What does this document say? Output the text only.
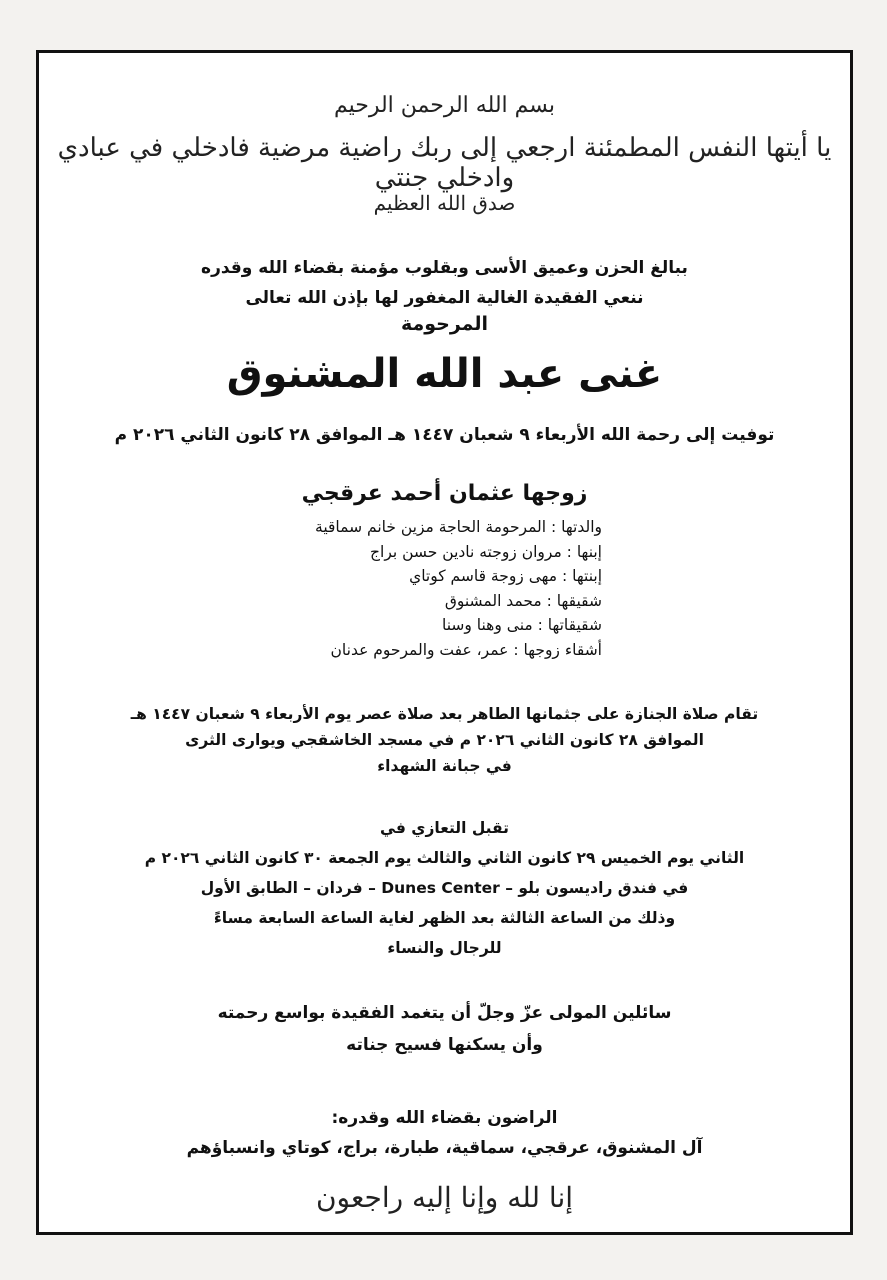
بسم الله الرحمن الرحيم
يا أيتها النفس المطمئنة ارجعي إلى ربك راضية مرضية فادخلي في عبادي وادخلي جنتي
صدق الله العظيم
ببالغ الحزن وعميق الأسى وبقلوب مؤمنة بقضاء الله وقدره
ننعي الفقيدة الغالية المغفور لها بإذن الله تعالى
المرحومة
غنى عبد الله المشنوق
توفيت إلى رحمة الله الأربعاء ٩ شعبان ١٤٤٧ هـ الموافق ٢٨ كانون الثاني ٢٠٢٦ م
زوجها عثمان أحمد عرقجي
والدتها : المرحومة الحاجة مزين خانم سماقية
إبنها : مروان زوجته نادين حسن براج
إبنتها : مهى زوجة قاسم كوتاي
شقيقها : محمد المشنوق
شقيقاتها : منى وهنا وسنا
أشقاء زوجها : عمر، عفت والمرحوم عدنان
تقام صلاة الجنازة على جثمانها الطاهر بعد صلاة عصر يوم الأربعاء ٩ شعبان ١٤٤٧ هـ
الموافق ٢٨ كانون الثاني ٢٠٢٦ م في مسجد الخاشقجي ويوارى الثرى
في جبانة الشهداء
تقبل التعازي في
الثاني يوم الخميس ٢٩ كانون الثاني والثالث يوم الجمعة ٣٠ كانون الثاني ٢٠٢٦ م
في فندق راديسون بلو – Dunes Center – فردان – الطابق الأول
وذلك من الساعة الثالثة بعد الظهر لغاية الساعة السابعة مساءً
للرجال والنساء
سائلين المولى عزّ وجلّ أن يتغمد الفقيدة بواسع رحمته
وأن يسكنها فسيح جناته
الراضون بقضاء الله وقدره:
آل المشنوق، عرقجي، سماقية، طبارة، براج، كوتاي وانسباؤهم
إنا لله وإنا إليه راجعون
